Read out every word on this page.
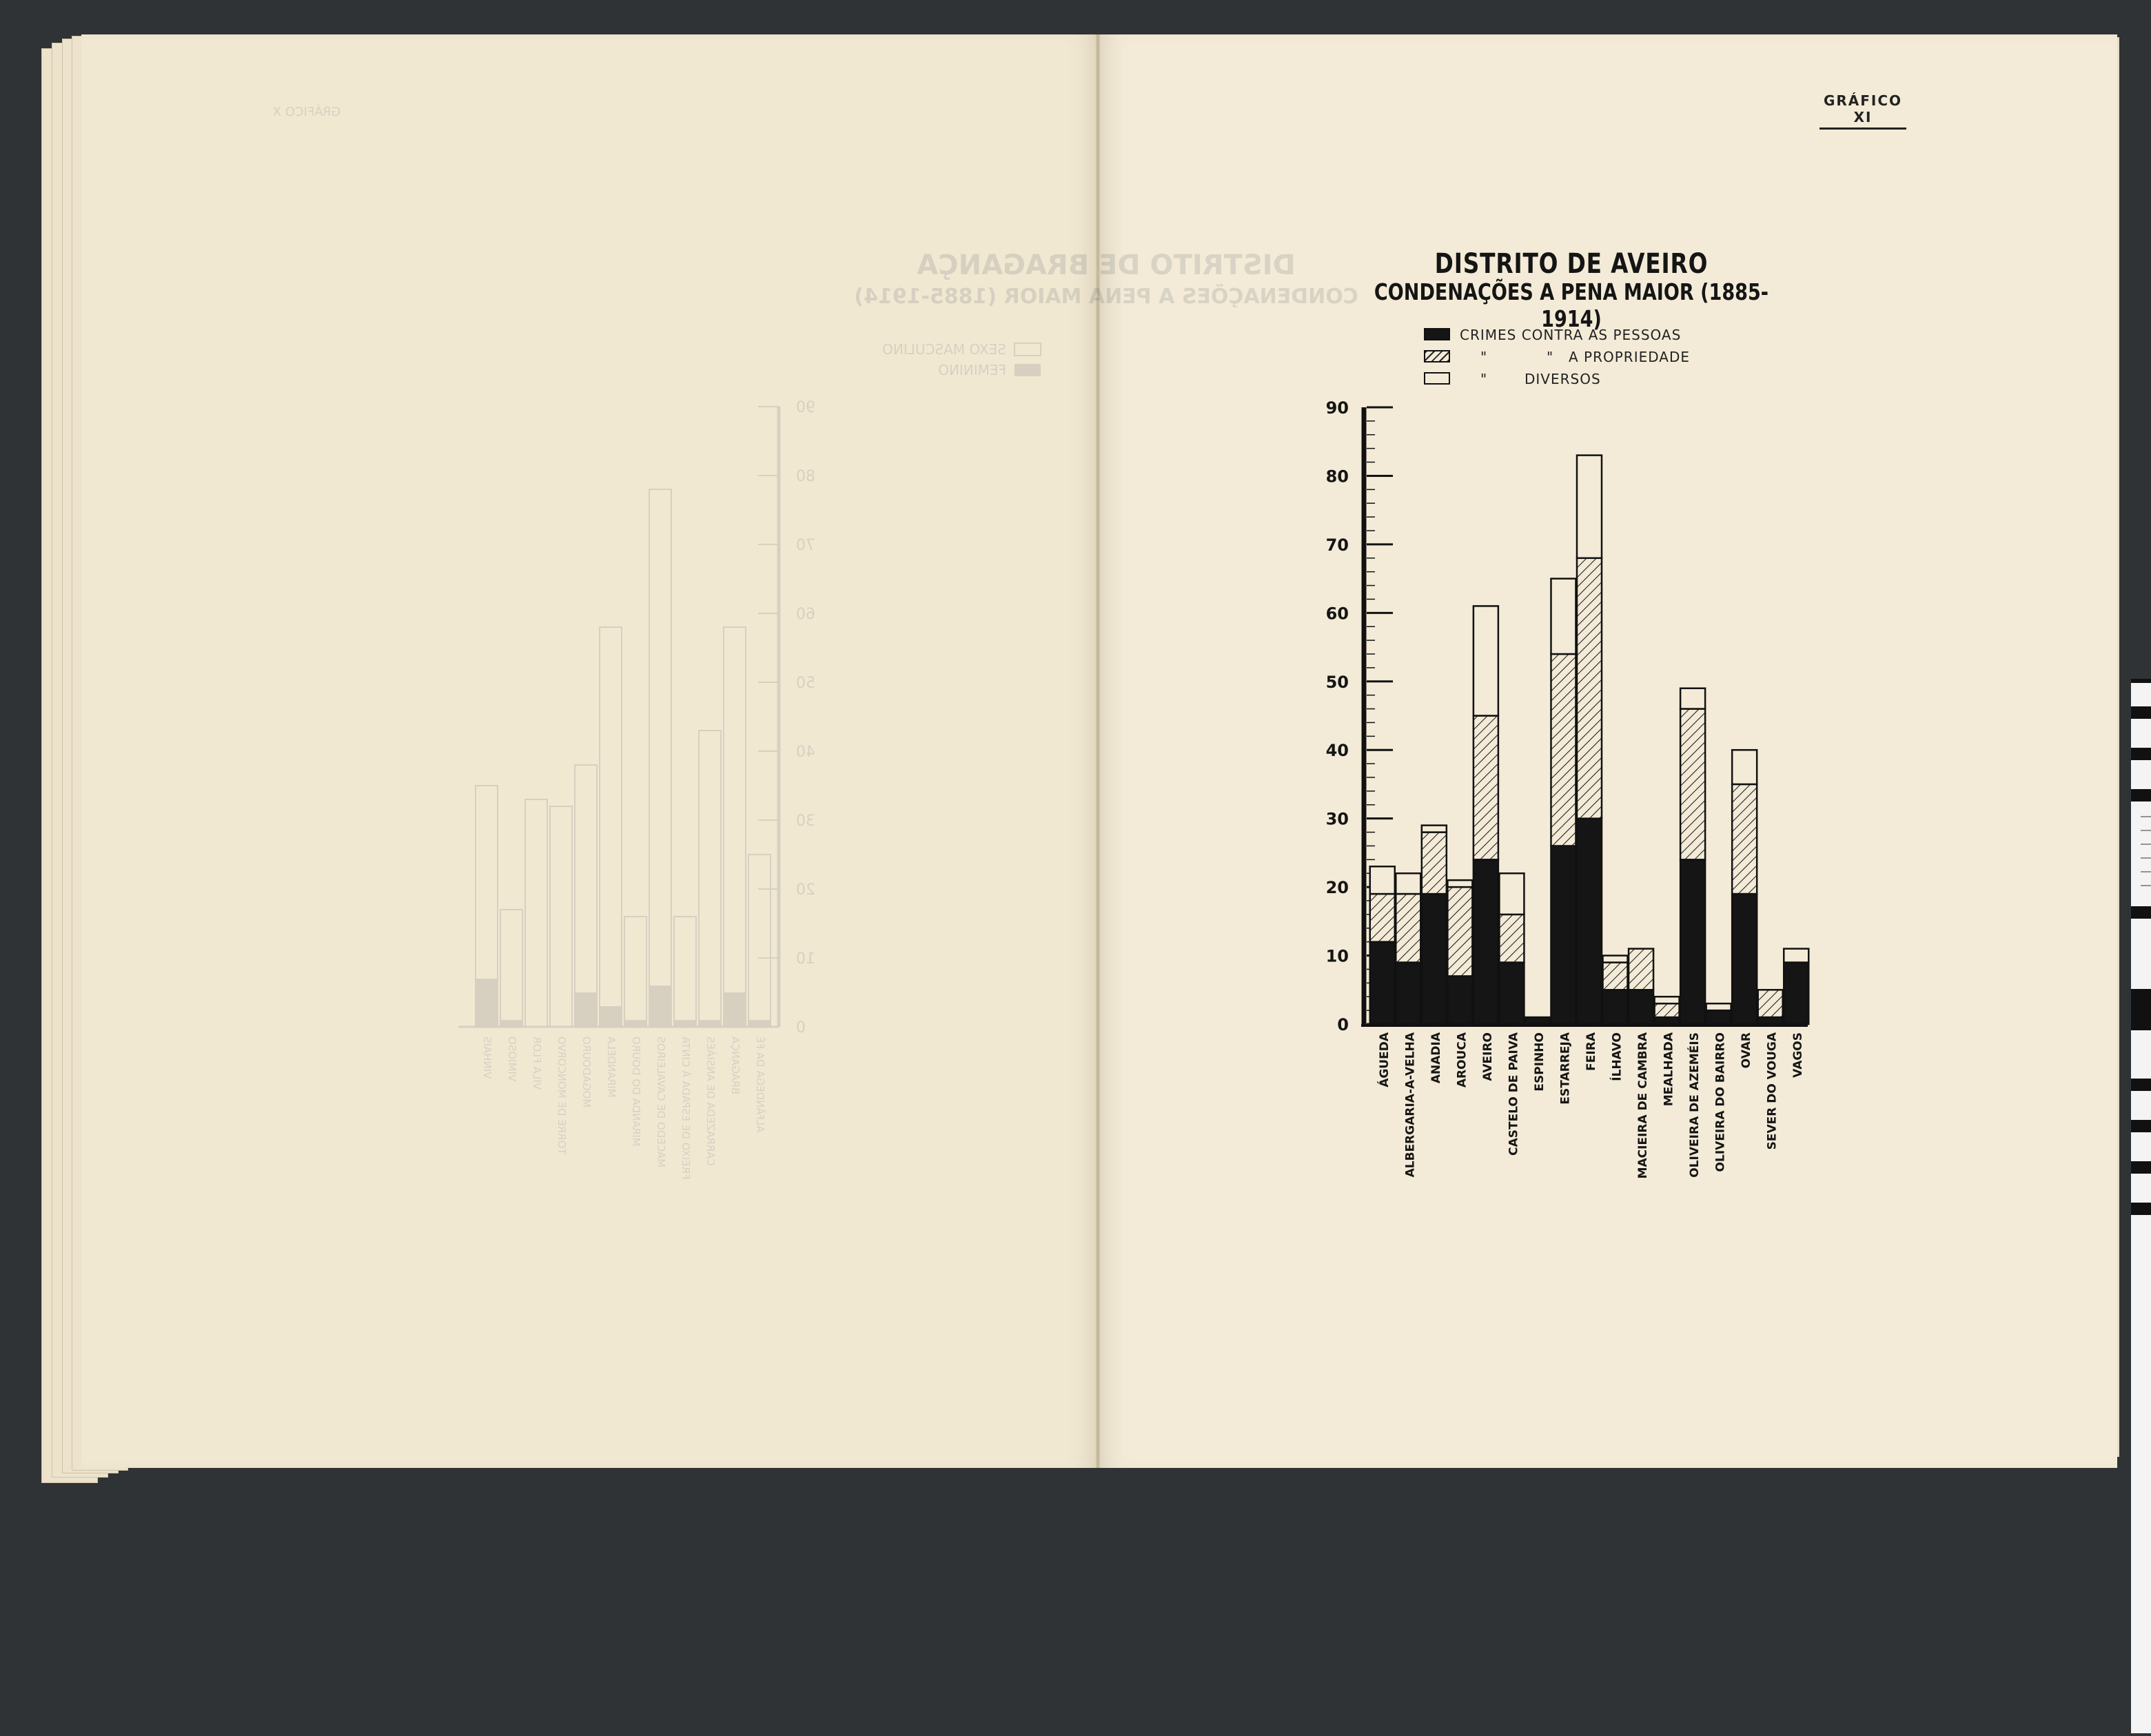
DISTRITO DE BRAGANÇA
CONDENAÇÕES A PENA MAIOR (1885-1914)
GRÁFICO X
SEXO MASCULINO
FEMININO
0
10
20
30
40
50
60
70
80
90
ALFÂNDEGA DA FÉ
BRAGANÇA
CARRAZEDA DE ANSIÃES
FREIXO DE ESPADA À CINTA
MACEDO DE CAVALEIROS
MIRANDA DO DOURO
MIRANDELA
MOGADOURO
TORRE DE MONCORVO
VILA FLOR
VIMIOSO
VINHAIS
GRÁFICO XI
DISTRITO DE AVEIRO
CONDENAÇÕES A PENA MAIOR (1885-1914)
CRIMES CONTRA AS PESSOAS
"	" A PROPRIEDADE
"	DIVERSOS
0
10
20
30
40
50
60
70
80
90
ÁGUEDA ALBERGARIA-A-VELHA ANADIA AROUCA AVEIRO CASTELO DE PAIVA ESPINHO ESTARREJA FEIRA ÍLHAVO MACIEIRA DE CAMBRA MEALHADA OLIVEIRA DE AZEMÉIS OLIVEIRA DO BAIRRO OVAR SEVER DO VOUGA VAGOS
